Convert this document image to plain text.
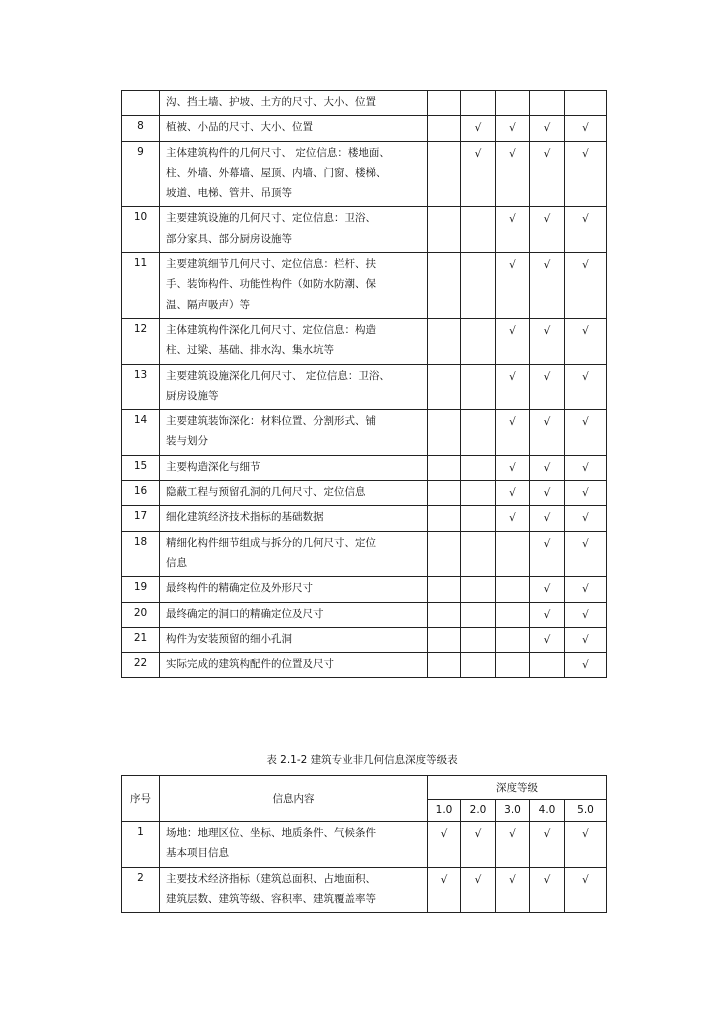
	沟、挡土墙、护坡、土方的尺寸、大小、位置					

8	植被、小品的尺寸、大小、位置		√	√	√	√
9	主体建筑构件的几何尺寸、 定位信息：楼地面、
柱、外墙、外幕墙、屋顶、内墙、门窗、楼梯、
坡道、电梯、管井、吊顶等		√	√	√	√
10	主要建筑设施的几何尺寸、定位信息：卫浴、
部分家具、部分厨房设施等			√	√	√
11	主要建筑细节几何尺寸、定位信息：栏杆、扶
手、装饰构件、功能性构件（如防水防潮、保
温、隔声吸声）等			√	√	√
12	主体建筑构件深化几何尺寸、定位信息：构造
柱、过梁、基础、排水沟、集水坑等			√	√	√
13	主要建筑设施深化几何尺寸、 定位信息：卫浴、
厨房设施等			√	√	√
14	主要建筑装饰深化：材料位置、分割形式、铺
装与划分			√	√	√
15	主要构造深化与细节			√	√	√
16	隐蔽工程与预留孔洞的几何尺寸、定位信息			√	√	√
17	细化建筑经济技术指标的基础数据			√	√	√
18	精细化构件细节组成与拆分的几何尺寸、定位
信息				√	√
19	最终构件的精确定位及外形尺寸				√	√
20	最终确定的洞口的精确定位及尺寸				√	√
21	构件为安装预留的细小孔洞				√	√
22	实际完成的建筑构配件的位置及尺寸					√
表 2.1-2 建筑专业非几何信息深度等级表
序号	信息内容	深度等级				
		1.0	2.0	3.0	4.0	5.0
1	场地：地理区位、坐标、地质条件、气候条件
基本项目信息	√	√	√	√	√
2	主要技术经济指标（建筑总面积、占地面积、
建筑层数、建筑等级、容积率、建筑覆盖率等	√	√	√	√	√
